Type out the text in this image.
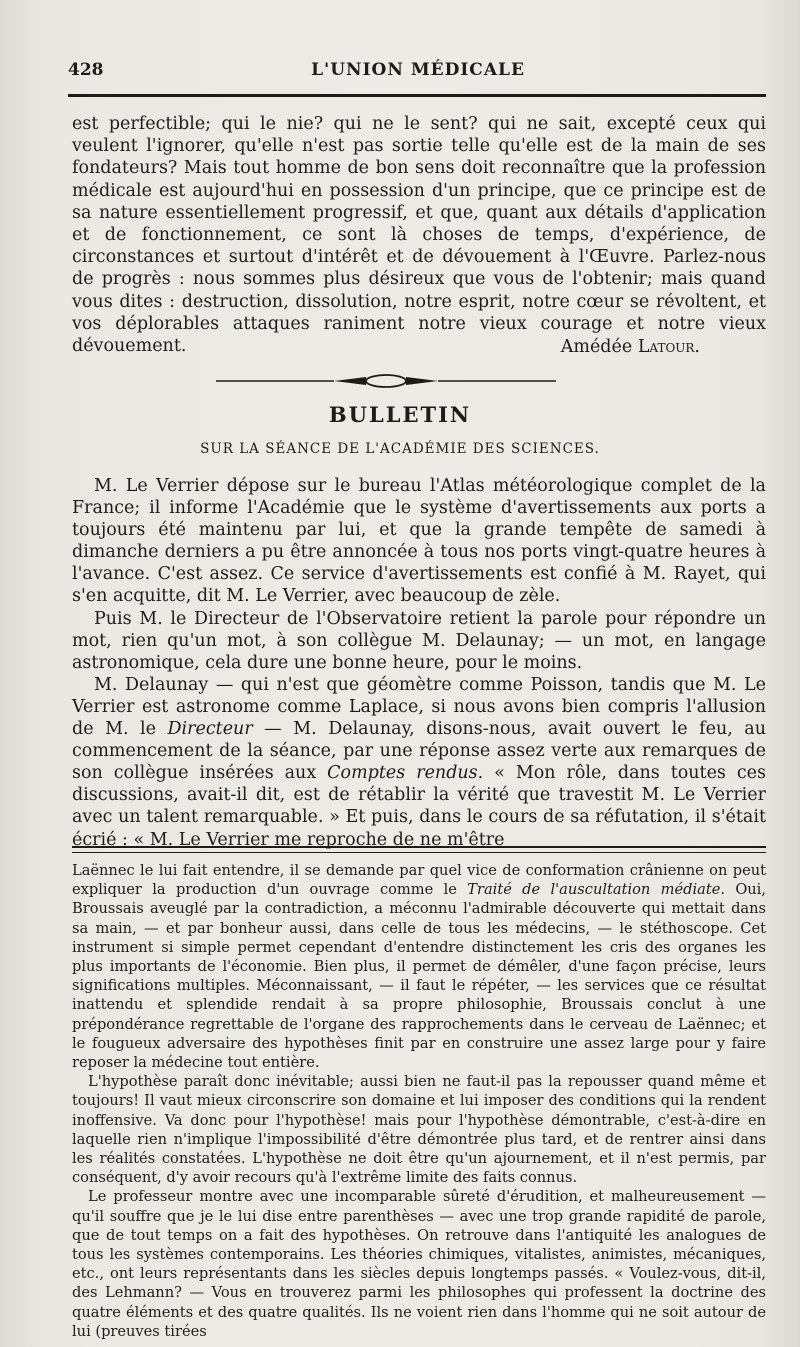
428	L'UNION MÉDICALE

est perfectible; qui le nie? qui ne le sent? qui ne sait, excepté ceux qui veulent l'ignorer, qu'elle n'est pas sortie telle qu'elle est de la main de ses fondateurs? Mais tout homme de bon sens doit reconnaître que la profession médicale est aujourd'hui en possession d'un principe, que ce principe est de sa nature essentiellement progressif, et que, quant aux détails d'application et de fonctionnement, ce sont là choses de temps, d'expérience, de circonstances et surtout d'intérêt et de dévouement à l'Œuvre. Parlez-nous de progrès : nous sommes plus désireux que vous de l'obtenir; mais quand vous dites : destruction, dissolution, notre esprit, notre cœur se révoltent, et vos déplorables attaques raniment notre vieux courage et notre vieux dévouement.	Amédée Latour.
BULLETIN
SUR LA SÉANCE DE L'ACADÉMIE DES SCIENCES.

M. Le Verrier dépose sur le bureau l'Atlas météorologique complet de la France; il informe l'Académie que le système d'avertissements aux ports a toujours été maintenu par lui, et que la grande tempête de samedi à dimanche derniers a pu être annoncée à tous nos ports vingt-quatre heures à l'avance. C'est assez. Ce service d'avertissements est confié à M. Rayet, qui s'en acquitte, dit M. Le Verrier, avec beaucoup de zèle.

Puis M. le Directeur de l'Observatoire retient la parole pour répondre un mot, rien qu'un mot, à son collègue M. Delaunay; — un mot, en langage astronomique, cela dure une bonne heure, pour le moins.

M. Delaunay — qui n'est que géomètre comme Poisson, tandis que M. Le Verrier est astronome comme Laplace, si nous avons bien compris l'allusion de M. le Directeur — M. Delaunay, disons-nous, avait ouvert le feu, au commencement de la séance, par une réponse assez verte aux remarques de son collègue insérées aux Comptes rendus. « Mon rôle, dans toutes ces discussions, avait-il dit, est de rétablir la vérité que travestit M. Le Verrier avec un talent remarquable. » Et puis, dans le cours de sa réfutation, il s'était écrié : « M. Le Verrier me reproche de ne m'être

Laënnec le lui fait entendre, il se demande par quel vice de conformation crânienne on peut expliquer la production d'un ouvrage comme le Traité de l'auscultation médiate. Oui, Broussais aveuglé par la contradiction, a méconnu l'admirable découverte qui mettait dans sa main, — et par bonheur aussi, dans celle de tous les médecins, — le stéthoscope. Cet instrument si simple permet cependant d'entendre distinctement les cris des organes les plus importants de l'économie. Bien plus, il permet de démêler, d'une façon précise, leurs significations multiples. Méconnaissant, — il faut le répéter, — les services que ce résultat inattendu et splendide rendait à sa propre philosophie, Broussais conclut à une prépondérance regrettable de l'organe des rapprochements dans le cerveau de Laënnec; et le fougueux adversaire des hypothèses finit par en construire une assez large pour y faire reposer la médecine tout entière.

L'hypothèse paraît donc inévitable; aussi bien ne faut-il pas la repousser quand même et toujours! Il vaut mieux circonscrire son domaine et lui imposer des conditions qui la rendent inoffensive. Va donc pour l'hypothèse! mais pour l'hypothèse démontrable, c'est-à-dire en laquelle rien n'implique l'impossibilité d'être démontrée plus tard, et de rentrer ainsi dans les réalités constatées. L'hypothèse ne doit être qu'un ajournement, et il n'est permis, par conséquent, d'y avoir recours qu'à l'extrême limite des faits connus.

Le professeur montre avec une incomparable sûreté d'érudition, et malheureusement — qu'il souffre que je le lui dise entre parenthèses — avec une trop grande rapidité de parole, que de tout temps on a fait des hypothèses. On retrouve dans l'antiquité les analogues de tous les systèmes contemporains. Les théories chimiques, vitalistes, animistes, mécaniques, etc., ont leurs représentants dans les siècles depuis longtemps passés. « Voulez-vous, dit-il, des Lehmann? — Vous en trouverez parmi les philosophes qui professent la doctrine des quatre éléments et des quatre qualités. Ils ne voient rien dans l'homme qui ne soit autour de lui (preuves tirées
